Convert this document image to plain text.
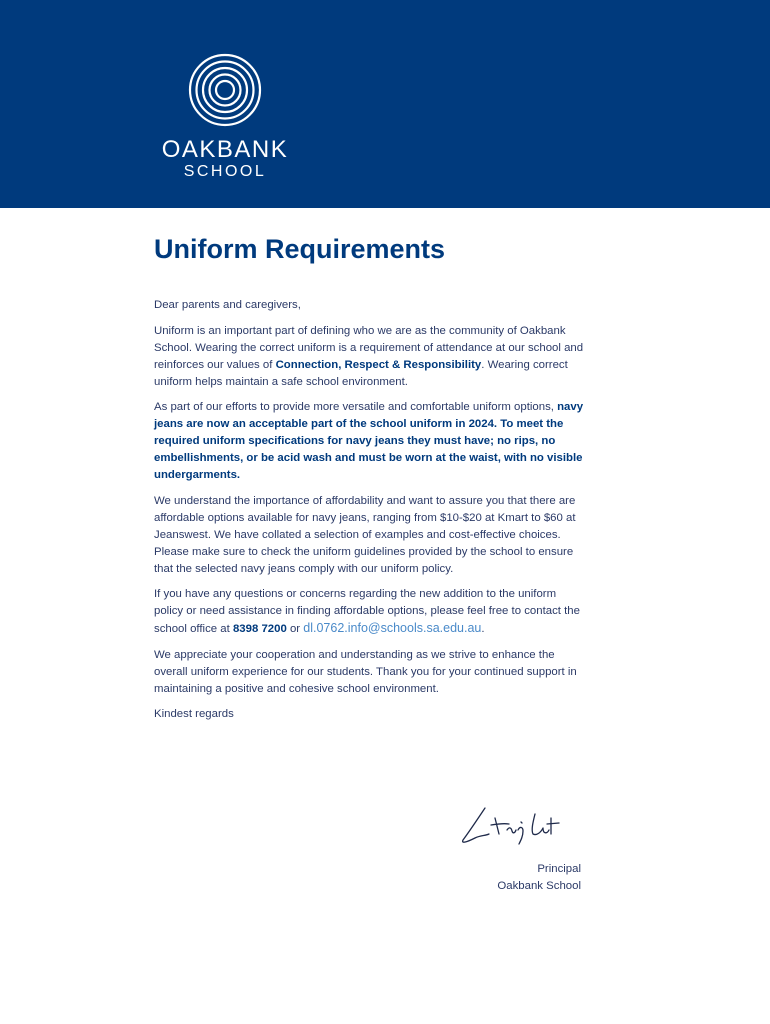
OAKBANK
SCHOOL
Uniform Requirements

Dear parents and caregivers,

Uniform is an important part of defining who we are as the community of Oakbank School. Wearing the correct uniform is a requirement of attendance at our school and reinforces our values of Connection, Respect & Responsibility. Wearing correct uniform helps maintain a safe school environment.

As part of our efforts to provide more versatile and comfortable uniform options, navy jeans are now an acceptable part of the school uniform in 2024. To meet the required uniform specifications for navy jeans they must have; no rips, no embellishments, or be acid wash and must be worn at the waist, with no visible undergarments.

We understand the importance of affordability and want to assure you that there are affordable options available for navy jeans, ranging from $10-$20 at Kmart to $60 at Jeanswest. We have collated a selection of examples and cost-effective choices. Please make sure to check the uniform guidelines provided by the school to ensure that the selected navy jeans comply with our uniform policy.

If you have any questions or concerns regarding the new addition to the uniform policy or need assistance in finding affordable options, please feel free to contact the school office at 8398 7200 or dl.0762.info@schools.sa.edu.au.

We appreciate your cooperation and understanding as we strive to enhance the overall uniform experience for our students. Thank you for your continued support in maintaining a positive and cohesive school environment.

Kindest regards

Principal
Oakbank School
